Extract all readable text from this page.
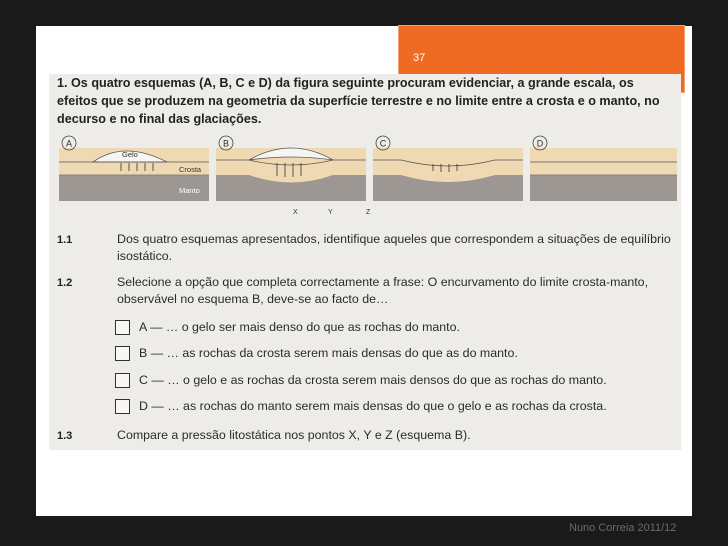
37
1. Os quatro esquemas (A, B, C e D) da figura seguinte procuram evidenciar, a grande escala, os efeitos que se produzem na geometria da superfície terrestre e no limite entre a crosta e o manto, no decurso e no final das glaciações.
A
Gelo
Crosta
Manto
B
X	Y	Z
C	D
1.1	Dos quatro esquemas apresentados, identifique aqueles que correspondem a situações de equilíbrio isostático.
1.2	Selecione a opção que completa correctamente a frase: O encurvamento do limite crosta-manto, observável no esquema B, deve-se ao facto de…
A — … o gelo ser mais denso do que as rochas do manto.
B — … as rochas da crosta serem mais densas do que as do manto.
C — … o gelo e as rochas da crosta serem mais densos do que as rochas do manto.
D — … as rochas do manto serem mais densas do que o gelo e as rochas da crosta.
1.3	Compare a pressão litostática nos pontos X, Y e Z (esquema B).
Nuno Correia 2011/12
